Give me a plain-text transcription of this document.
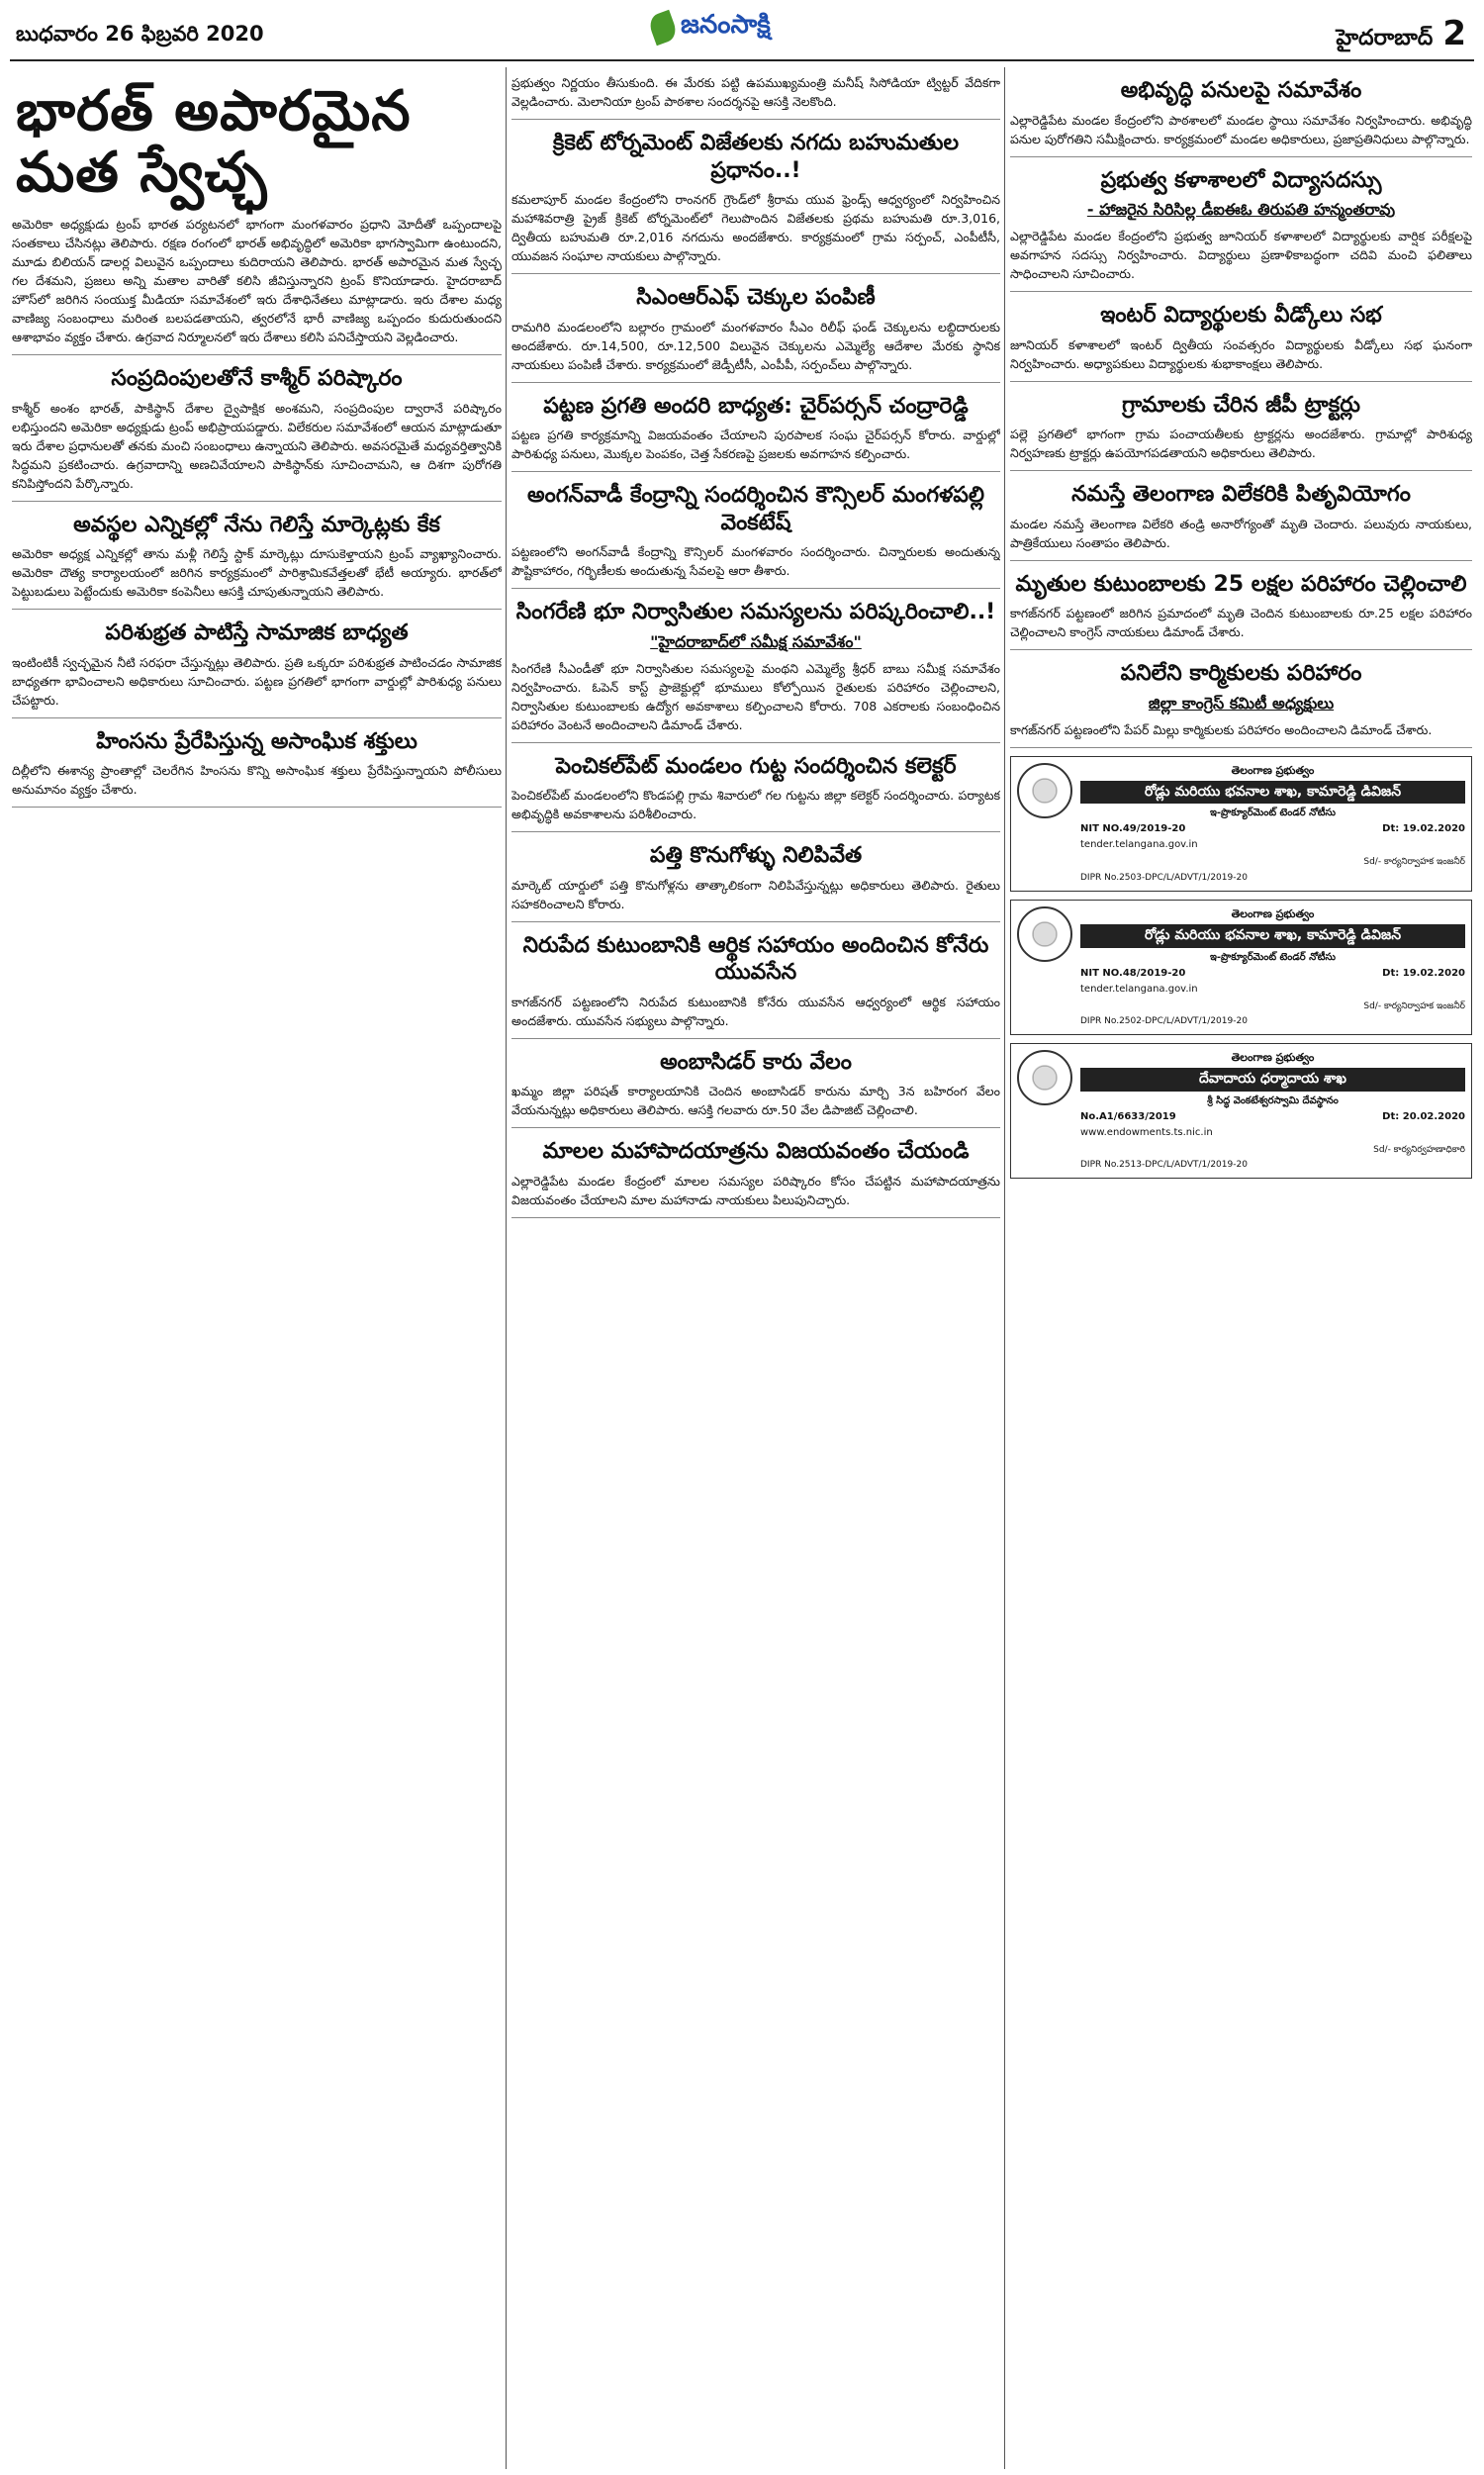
బుధవారం 26 ఫిబ్రవరి 2020	జనంసాక్షి	హైదరాబాద్ 2
భారత్ అపారమైన మత స్వేచ్ఛ

అమెరికా అధ్యక్షుడు ట్రంప్ భారత పర్యటనలో భాగంగా మంగళవారం ప్రధాని మోదీతో ఒప్పందాలపై సంతకాలు చేసినట్లు తెలిపారు. రక్షణ రంగంలో భారత్ అభివృద్ధిలో అమెరికా భాగస్వామిగా ఉంటుందని, మూడు బిలియన్ డాలర్ల విలువైన ఒప్పందాలు కుదిరాయని తెలిపారు. భారత్ అపారమైన మత స్వేచ్ఛ గల దేశమని, ప్రజలు అన్ని మతాల వారితో కలిసి జీవిస్తున్నారని ట్రంప్ కొనియాడారు. హైదరాబాద్ హౌస్‌లో జరిగిన సంయుక్త మీడియా సమావేశంలో ఇరు దేశాధినేతలు మాట్లాడారు. ఇరు దేశాల మధ్య వాణిజ్య సంబంధాలు మరింత బలపడతాయని, త్వరలోనే భారీ వాణిజ్య ఒప్పందం కుదురుతుందని ఆశాభావం వ్యక్తం చేశారు. ఉగ్రవాద నిర్మూలనలో ఇరు దేశాలు కలిసి పనిచేస్తాయని వెల్లడించారు.

సంప్రదింపులతోనే కాశ్మీర్ పరిష్కారం

కాశ్మీర్ అంశం భారత్, పాకిస్థాన్ దేశాల ద్వైపాక్షిక అంశమని, సంప్రదింపుల ద్వారానే పరిష్కారం లభిస్తుందని అమెరికా అధ్యక్షుడు ట్రంప్ అభిప్రాయపడ్డారు. విలేకరుల సమావేశంలో ఆయన మాట్లాడుతూ ఇరు దేశాల ప్రధానులతో తనకు మంచి సంబంధాలు ఉన్నాయని తెలిపారు. అవసరమైతే మధ్యవర్తిత్వానికి సిద్ధమని ప్రకటించారు. ఉగ్రవాదాన్ని అణచివేయాలని పాకిస్థాన్‌కు సూచించామని, ఆ దిశగా పురోగతి కనిపిస్తోందని పేర్కొన్నారు.

అవస్థల ఎన్నికల్లో నేను గెలిస్తే మార్కెట్లకు కేక

అమెరికా అధ్యక్ష ఎన్నికల్లో తాను మళ్లీ గెలిస్తే స్టాక్ మార్కెట్లు దూసుకెళ్తాయని ట్రంప్ వ్యాఖ్యానించారు. అమెరికా దౌత్య కార్యాలయంలో జరిగిన కార్యక్రమంలో పారిశ్రామికవేత్తలతో భేటీ అయ్యారు. భారత్‌లో పెట్టుబడులు పెట్టేందుకు అమెరికా కంపెనీలు ఆసక్తి చూపుతున్నాయని తెలిపారు.

పరిశుభ్రత పాటిస్తే సామాజిక బాధ్యత

ఇంటింటికీ స్వచ్ఛమైన నీటి సరఫరా చేస్తున్నట్లు తెలిపారు. ప్రతి ఒక్కరూ పరిశుభ్రత పాటించడం సామాజిక బాధ్యతగా భావించాలని అధికారులు సూచించారు. పట్టణ ప్రగతిలో భాగంగా వార్డుల్లో పారిశుధ్య పనులు చేపట్టారు.

హింసను ప్రేరేపిస్తున్న అసాంఘిక శక్తులు

దిల్లీలోని ఈశాన్య ప్రాంతాల్లో చెలరేగిన హింసను కొన్ని అసాంఘిక శక్తులు ప్రేరేపిస్తున్నాయని పోలీసులు అనుమానం వ్యక్తం చేశారు.

ప్రభుత్వం నిర్ణయం తీసుకుంది. ఈ మేరకు పట్టి ఉపముఖ్యమంత్రి మనీష్ సిసోడియా ట్విట్టర్ వేదికగా వెల్లడించారు. మెలానియా ట్రంప్ పాఠశాల సందర్శనపై ఆసక్తి నెలకొంది.

క్రికెట్ టోర్నమెంట్ విజేతలకు నగదు బహుమతుల ప్రధానం..!

కమలాపూర్ మండల కేంద్రంలోని రాంనగర్ గ్రౌండ్‌లో శ్రీరామ యువ ఫ్రెండ్స్ ఆధ్వర్యంలో నిర్వహించిన మహాశివరాత్రి ప్రైజ్ క్రికెట్ టోర్నమెంట్‌లో గెలుపొందిన విజేతలకు ప్రథమ బహుమతి రూ.3,016, ద్వితీయ బహుమతి రూ.2,016 నగదును అందజేశారు. కార్యక్రమంలో గ్రామ సర్పంచ్, ఎంపీటీసీ, యువజన సంఘాల నాయకులు పాల్గొన్నారు.

సిఎంఆర్ఎఫ్ చెక్కుల పంపిణీ

రామగిరి మండలంలోని బల్లారం గ్రామంలో మంగళవారం సీఎం రిలీఫ్ ఫండ్ చెక్కులను లబ్ధిదారులకు అందజేశారు. రూ.14,500, రూ.12,500 విలువైన చెక్కులను ఎమ్మెల్యే ఆదేశాల మేరకు స్థానిక నాయకులు పంపిణీ చేశారు. కార్యక్రమంలో జెడ్పీటీసీ, ఎంపీపీ, సర్పంచ్‌లు పాల్గొన్నారు.

పట్టణ ప్రగతి అందరి బాధ్యత: చైర్‌పర్సన్ చంద్రారెడ్డి

పట్టణ ప్రగతి కార్యక్రమాన్ని విజయవంతం చేయాలని పురపాలక సంఘ చైర్‌పర్సన్ కోరారు. వార్డుల్లో పారిశుధ్య పనులు, మొక్కల పెంపకం, చెత్త సేకరణపై ప్రజలకు అవగాహన కల్పించారు.

అంగన్‌వాడీ కేంద్రాన్ని సందర్శించిన కౌన్సిలర్ మంగళపల్లి వెంకటేష్

పట్టణంలోని అంగన్‌వాడీ కేంద్రాన్ని కౌన్సిలర్ మంగళవారం సందర్శించారు. చిన్నారులకు అందుతున్న పౌష్టికాహారం, గర్భిణీలకు అందుతున్న సేవలపై ఆరా తీశారు.

సింగరేణి భూ నిర్వాసితుల సమస్యలను పరిష్కరించాలి..!
"హైదరాబాద్‌లో సమీక్ష సమావేశం"

సింగరేణి సీఎండీతో భూ నిర్వాసితుల సమస్యలపై మంథని ఎమ్మెల్యే శ్రీధర్ బాబు సమీక్ష సమావేశం నిర్వహించారు. ఓపెన్ కాస్ట్ ప్రాజెక్టుల్లో భూములు కోల్పోయిన రైతులకు పరిహారం చెల్లించాలని, నిర్వాసితుల కుటుంబాలకు ఉద్యోగ అవకాశాలు కల్పించాలని కోరారు. 708 ఎకరాలకు సంబంధించిన పరిహారం వెంటనే అందించాలని డిమాండ్ చేశారు.

పెంచికల్‌పేట్ మండలం గుట్ట సందర్శించిన కలెక్టర్

పెంచికల్‌పేట్ మండలంలోని కొండపల్లి గ్రామ శివారులో గల గుట్టను జిల్లా కలెక్టర్ సందర్శించారు. పర్యాటక అభివృద్ధికి అవకాశాలను పరిశీలించారు.

పత్తి కొనుగోళ్ళు నిలిపివేత

మార్కెట్ యార్డులో పత్తి కొనుగోళ్లను తాత్కాలికంగా నిలిపివేస్తున్నట్లు అధికారులు తెలిపారు. రైతులు సహకరించాలని కోరారు.

నిరుపేద కుటుంబానికి ఆర్థిక సహాయం అందించిన కోనేరు యువసేన

కాగజ్‌నగర్ పట్టణంలోని నిరుపేద కుటుంబానికి కోనేరు యువసేన ఆధ్వర్యంలో ఆర్థిక సహాయం అందజేశారు. యువసేన సభ్యులు పాల్గొన్నారు.

అంబాసిడర్ కారు వేలం

ఖమ్మం జిల్లా పరిషత్ కార్యాలయానికి చెందిన అంబాసిడర్ కారును మార్చి 3న బహిరంగ వేలం వేయనున్నట్లు అధికారులు తెలిపారు. ఆసక్తి గలవారు రూ.50 వేల డిపాజిట్ చెల్లించాలి.

మాలల మహాపాదయాత్రను విజయవంతం చేయండి

ఎల్లారెడ్డిపేట మండల కేంద్రంలో మాలల సమస్యల పరిష్కారం కోసం చేపట్టిన మహాపాదయాత్రను విజయవంతం చేయాలని మాల మహానాడు నాయకులు పిలుపునిచ్చారు.

అభివృద్ధి పనులపై సమావేశం

ఎల్లారెడ్డిపేట మండల కేంద్రంలోని పాఠశాలలో మండల స్థాయి సమావేశం నిర్వహించారు. అభివృద్ధి పనుల పురోగతిని సమీక్షించారు. కార్యక్రమంలో మండల అధికారులు, ప్రజాప్రతినిధులు పాల్గొన్నారు.

ప్రభుత్వ కళాశాలలో విద్యాసదస్సు
- హాజరైన సిరిసిల్ల డీఐఈఓ తిరుపతి హన్మంతరావు

ఎల్లారెడ్డిపేట మండల కేంద్రంలోని ప్రభుత్వ జూనియర్ కళాశాలలో విద్యార్థులకు వార్షిక పరీక్షలపై అవగాహన సదస్సు నిర్వహించారు. విద్యార్థులు ప్రణాళికాబద్ధంగా చదివి మంచి ఫలితాలు సాధించాలని సూచించారు.

ఇంటర్ విద్యార్థులకు వీడ్కోలు సభ

జూనియర్ కళాశాలలో ఇంటర్ ద్వితీయ సంవత్సరం విద్యార్థులకు వీడ్కోలు సభ ఘనంగా నిర్వహించారు. అధ్యాపకులు విద్యార్థులకు శుభాకాంక్షలు తెలిపారు.

గ్రామాలకు చేరిన జీపీ ట్రాక్టర్లు

పల్లె ప్రగతిలో భాగంగా గ్రామ పంచాయతీలకు ట్రాక్టర్లను అందజేశారు. గ్రామాల్లో పారిశుధ్య నిర్వహణకు ట్రాక్టర్లు ఉపయోగపడతాయని అధికారులు తెలిపారు.

నమస్తే తెలంగాణ విలేకరికి పితృవియోగం

మండల నమస్తే తెలంగాణ విలేకరి తండ్రి అనారోగ్యంతో మృతి చెందారు. పలువురు నాయకులు, పాత్రికేయులు సంతాపం తెలిపారు.

మృతుల కుటుంబాలకు 25 లక్షల పరిహారం చెల్లించాలి

కాగజ్‌నగర్ పట్టణంలో జరిగిన ప్రమాదంలో మృతి చెందిన కుటుంబాలకు రూ.25 లక్షల పరిహారం చెల్లించాలని కాంగ్రెస్ నాయకులు డిమాండ్ చేశారు.

పనిలేని కార్మికులకు పరిహారం
జిల్లా కాంగ్రెస్ కమిటీ అధ్యక్షులు

కాగజ్‌నగర్ పట్టణంలోని పేపర్ మిల్లు కార్మికులకు పరిహారం అందించాలని డిమాండ్ చేశారు.

తెలంగాణ ప్రభుత్వం
రోడ్లు మరియు భవనాల శాఖ, కామారెడ్డి డివిజన్
ఇ-ప్రొక్యూర్‌మెంట్ టెండర్ నోటీసు
NIT NO.49/2019-20	Dt: 19.02.2020
tender.telangana.gov.in
Sd/- కార్యనిర్వాహక ఇంజనీర్
DIPR No.2503-DPC/L/ADVT/1/2019-20
తెలంగాణ ప్రభుత్వం
రోడ్లు మరియు భవనాల శాఖ, కామారెడ్డి డివిజన్
ఇ-ప్రొక్యూర్‌మెంట్ టెండర్ నోటీసు
NIT NO.48/2019-20	Dt: 19.02.2020
tender.telangana.gov.in
Sd/- కార్యనిర్వాహక ఇంజనీర్
DIPR No.2502-DPC/L/ADVT/1/2019-20
తెలంగాణ ప్రభుత్వం
దేవాదాయ ధర్మాదాయ శాఖ
శ్రీ సిద్ధ వెంకటేశ్వరస్వామి దేవస్థానం
No.A1/6633/2019	Dt: 20.02.2020
www.endowments.ts.nic.in
Sd/- కార్యనిర్వహణాధికారి
DIPR No.2513-DPC/L/ADVT/1/2019-20
